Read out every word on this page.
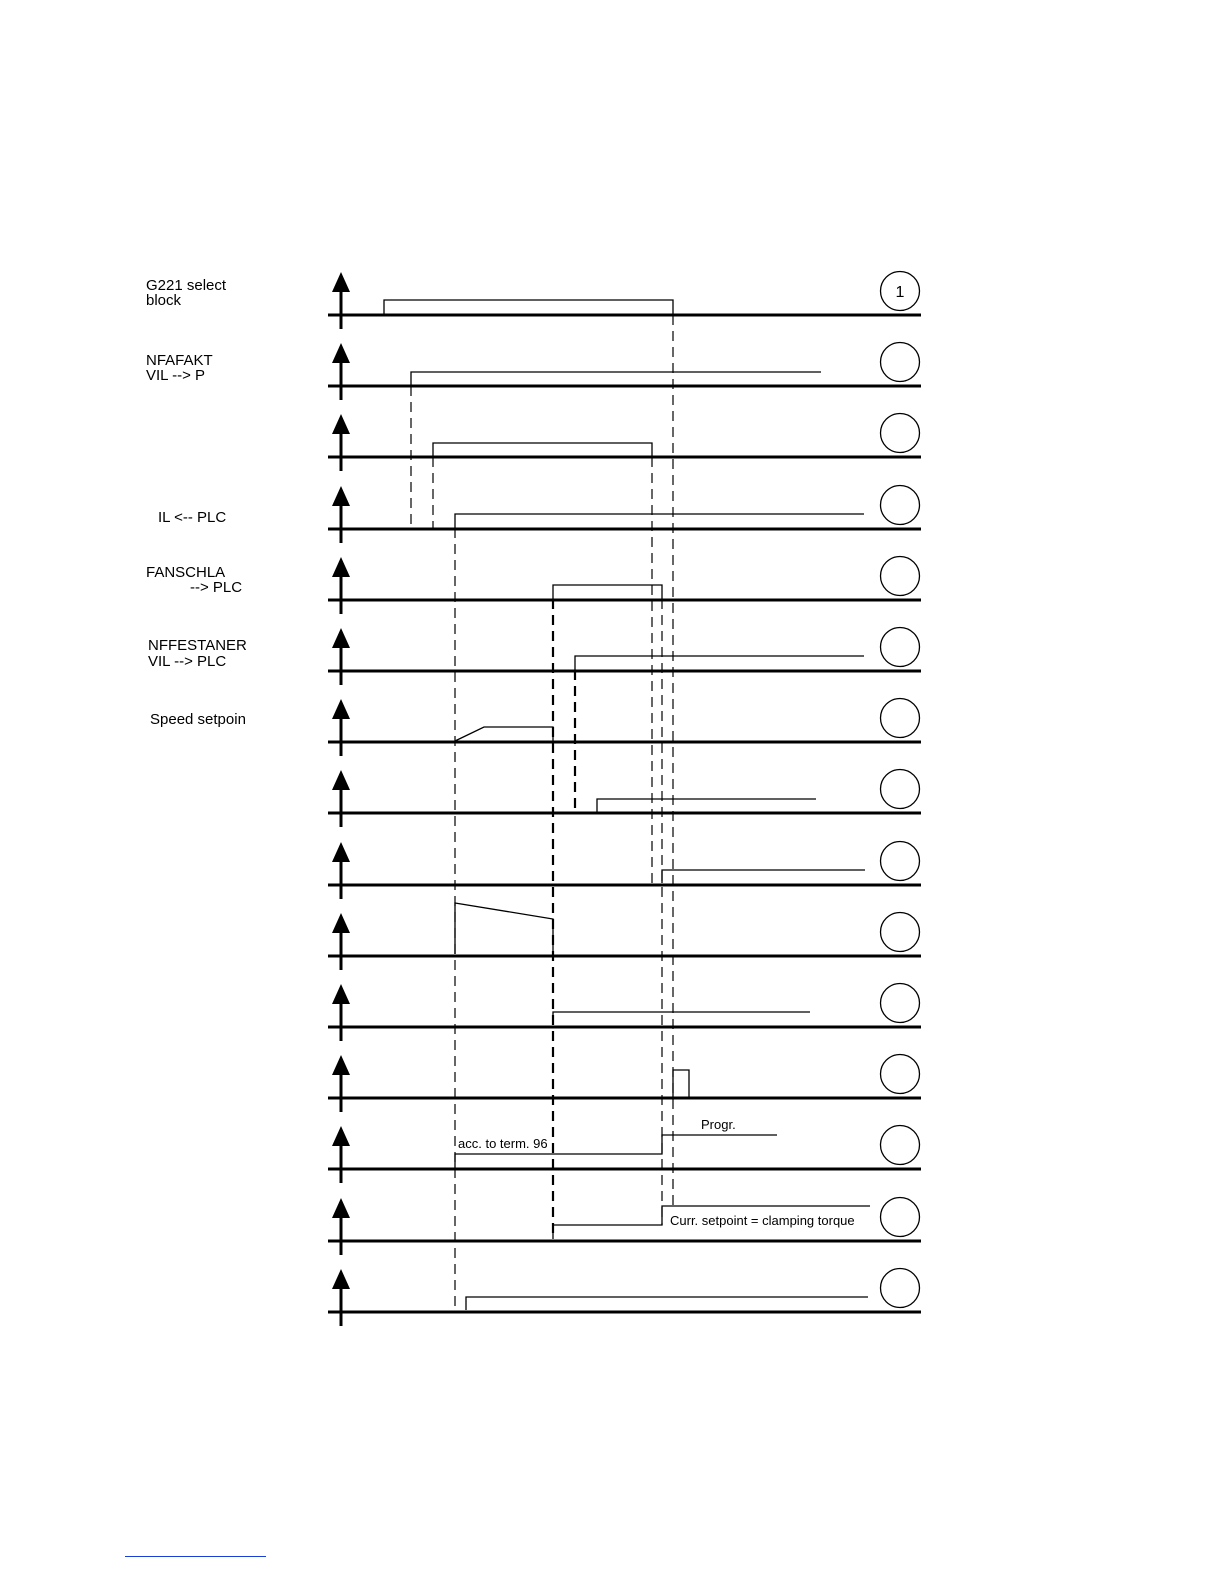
G221 select
block
NFAFAKT
VIL --> P
IL <-- PLC
FANSCHLA
--> PLC
NFFESTANER
VIL --> PLC
Speed setpoin
acc. to term. 96
Progr.
Curr. setpoint = clamping torque
1
